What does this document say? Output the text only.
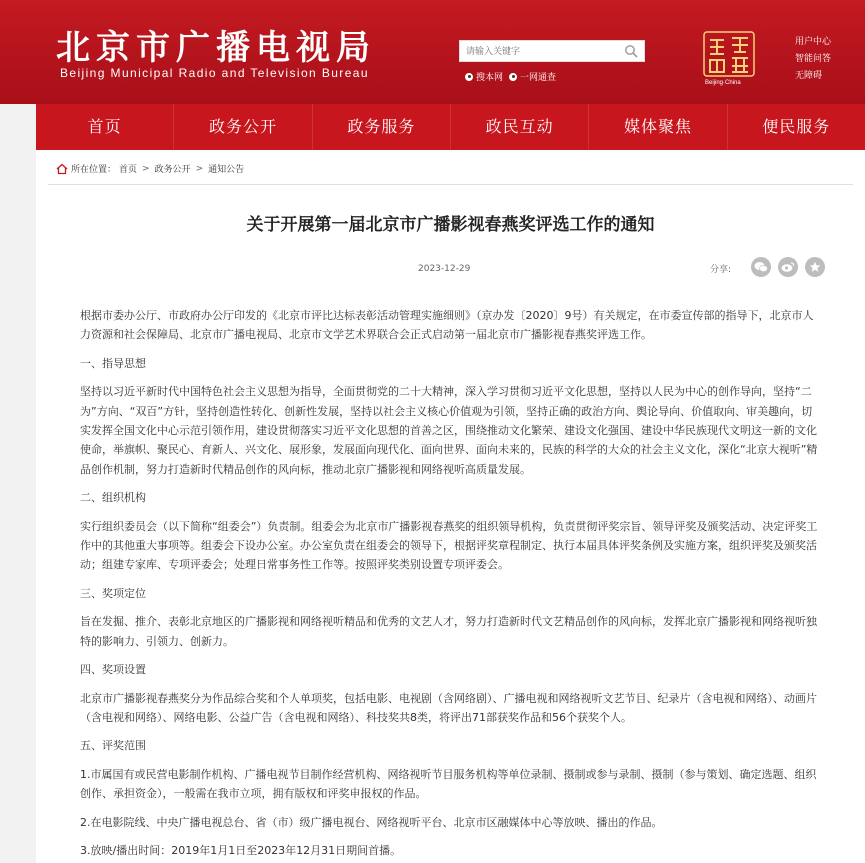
北京市广播电视局
Beijing Municipal Radio and Television Bureau
请输入关键字	搜本网 一网通查	Beijing·China
用户中心
智能问答
无障碍
首页	政务公开	政务服务	政民互动	媒体聚焦	便民服务
所在位置： 首页 > 政务公开 > 通知公告
关于开展第一届北京市广播影视春燕奖评选工作的通知
2023-12-29	分享:

根据市委办公厅、市政府办公厅印发的《北京市评比达标表彰活动管理实施细则》（京办发〔2020〕9号）有关规定，在市委宣传部的指导下，北京市人力资源和社会保障局、北京市广播电视局、北京市文学艺术界联合会正式启动第一届北京市广播影视春燕奖评选工作。

一、指导思想

坚持以习近平新时代中国特色社会主义思想为指导，全面贯彻党的二十大精神，深入学习贯彻习近平文化思想，坚持以人民为中心的创作导向，坚持“二为”方向、“双百”方针，坚持创造性转化、创新性发展，坚持以社会主义核心价值观为引领，坚持正确的政治方向、舆论导向、价值取向、审美趣向，切实发挥全国文化中心示范引领作用，建设贯彻落实习近平文化思想的首善之区，围绕推动文化繁荣、建设文化强国、建设中华民族现代文明这一新的文化使命，举旗帜、聚民心、育新人、兴文化、展形象，发展面向现代化、面向世界、面向未来的，民族的科学的大众的社会主义文化，深化“北京大视听”精品创作机制，努力打造新时代精品创作的风向标，推动北京广播影视和网络视听高质量发展。

二、组织机构

实行组织委员会（以下简称“组委会”）负责制。组委会为北京市广播影视春燕奖的组织领导机构，负责贯彻评奖宗旨、领导评奖及颁奖活动、决定评奖工作中的其他重大事项等。组委会下设办公室。办公室负责在组委会的领导下，根据评奖章程制定、执行本届具体评奖条例及实施方案，组织评奖及颁奖活动；组建专家库、专项评委会；处理日常事务性工作等。按照评奖类别设置专项评委会。

三、奖项定位

旨在发掘、推介、表彰北京地区的广播影视和网络视听精品和优秀的文艺人才，努力打造新时代文艺精品创作的风向标，发挥北京广播影视和网络视听独特的影响力、引领力、创新力。

四、奖项设置

北京市广播影视春燕奖分为作品综合奖和个人单项奖，包括电影、电视剧（含网络剧）、广播电视和网络视听文艺节目、纪录片（含电视和网络）、动画片（含电视和网络）、网络电影、公益广告（含电视和网络）、科技奖共8类，将评出71部获奖作品和56个获奖个人。

五、评奖范围

1.市属国有或民营电影制作机构、广播电视节目制作经营机构、网络视听节目服务机构等单位录制、摄制或参与录制、摄制（参与策划、确定选题、组织创作、承担资金），一般需在我市立项，拥有版权和评奖申报权的作品。

2.在电影院线、中央广播电视总台、省（市）级广播电视台、网络视听平台、北京市区融媒体中心等放映、播出的作品。

3.放映/播出时间：2019年1月1日至2023年12月31日期间首播。
